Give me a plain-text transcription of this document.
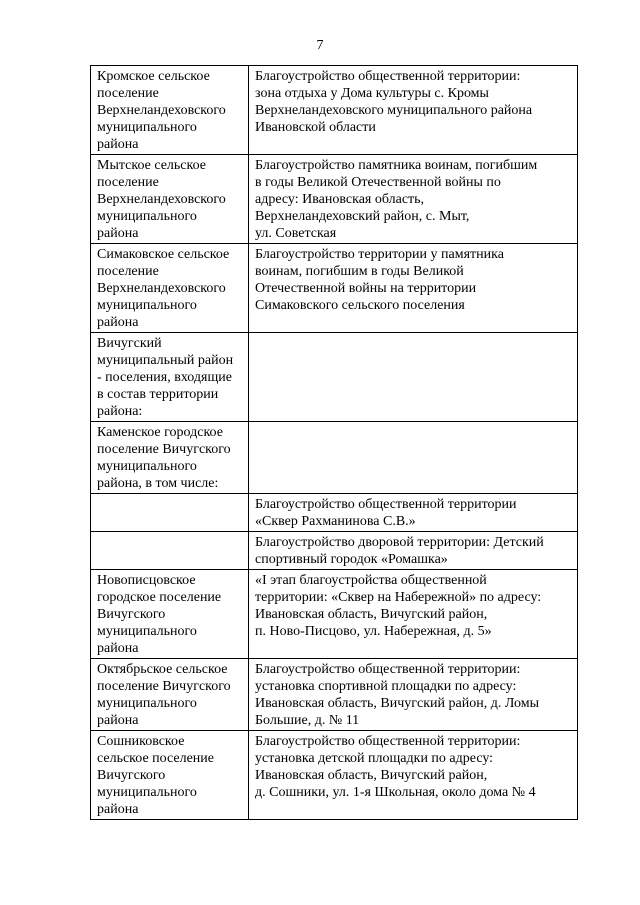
7
Кромское сельское
поселение
Верхнеландеховского
муниципального
района	Благоустройство общественной территории:
зона отдыха у Дома культуры с. Кромы
Верхнеландеховского муниципального района
Ивановской области

Мытское сельское
поселение
Верхнеландеховского
муниципального
района	Благоустройство памятника воинам, погибшим
в годы Великой Отечественной войны по
адресу: Ивановская область,
Верхнеландеховский район, с. Мыт,
ул. Советская

Симаковское сельское
поселение
Верхнеландеховского
муниципального
района	Благоустройство территории у памятника
воинам, погибшим в годы Великой
Отечественной войны на территории
Симаковского сельского поселения

Вичугский
муниципальный район
- поселения, входящие
в состав территории
района:	

Каменское городское
поселение Вичугского
муниципального
района, в том числе:	

	Благоустройство общественной территории
«Сквер Рахманинова С.В.»

	Благоустройство дворовой территории: Детский
спортивный городок «Ромашка»

Новописцовское
городское поселение
Вичугского
муниципального
района	«I этап благоустройства общественной
территории: «Сквер на Набережной» по адресу:
Ивановская область, Вичугский район,
п. Ново-Писцово, ул. Набережная, д. 5»

Октябрьское сельское
поселение Вичугского
муниципального
района	Благоустройство общественной территории:
установка спортивной площадки по адресу:
Ивановская область, Вичугский район, д. Ломы
Большие, д. № 11

Сошниковское
сельское поселение
Вичугского
муниципального
района	Благоустройство общественной территории:
установка детской площадки по адресу:
Ивановская область, Вичугский район,
д. Сошники, ул. 1-я Школьная, около дома № 4
